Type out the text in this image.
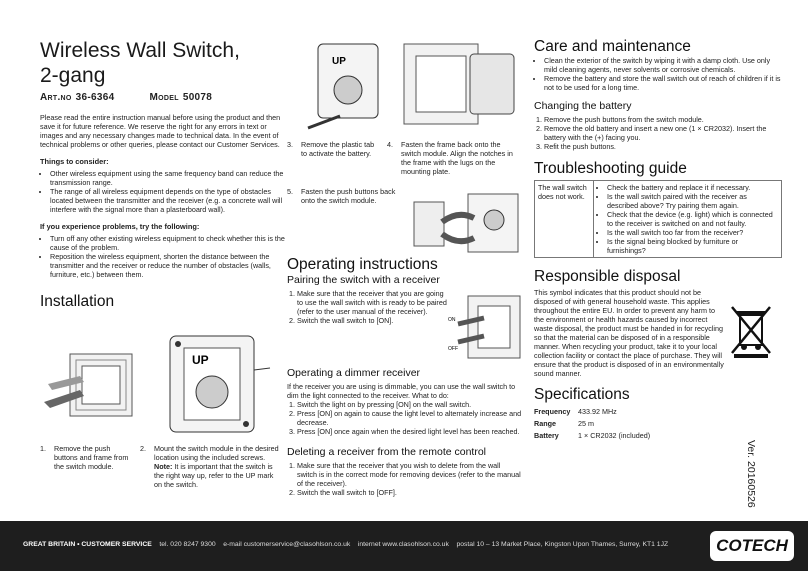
Wireless Wall Switch,
2-gang
Art.no 36-6364	Model 50078

Please read the entire instruction manual before using the product and then save it for future reference. We reserve the right for any errors in text or images and any necessary changes made to technical data. In the event of technical problems or other queries, please contact our Customer Services.

Things to consider:
• Other wireless equipment using the same frequency band can reduce the transmission range.
• The range of all wireless equipment depends on the type of obstacles located between the transmitter and the receiver (e.g. a concrete wall will interfere with the signal more than a plasterboard wall).
If you experience problems, try the following:
• Turn off any other existing wireless equipment to check whether this is the cause of the problem.
• Reposition the wireless equipment, shorten the distance between the transmitter and the receiver or reduce the number of obstacles (walls, furniture, etc.) between them.
Installation
UP
1. Remove the push buttons and frame from the switch module.
2. Mount the switch module in the desired location using the included screws. Note: It is important that the switch is the right way up, refer to the UP mark on the switch.
UP
3. Remove the plastic tab to activate the battery.
4. Fasten the frame back onto the switch module. Align the notches in the frame with the lugs on the mounting plate.
5. Fasten the push buttons back onto the switch module.
Operating instructions
Pairing the switch with a receiver
1. Make sure that the receiver that you are going to use the wall switch with is ready to be paired (refer to the user manual of the receiver).
2. Switch the wall switch to [ON].	ON
OFF
Operating a dimmer receiver

If the receiver you are using is dimmable, you can use the wall switch to dim the light connected to the receiver. What to do:

1. Switch the light on by pressing [ON] on the wall switch.
2. Press [ON] on again to cause the light level to alternately increase and decrease.
3. Press [ON] once again when the desired light level has been reached.
Deleting a receiver from the remote control
1. Make sure that the receiver that you wish to delete from the wall switch is in the correct mode for removing devices (refer to the manual of the receiver).
2. Switch the wall switch to [OFF].
Care and maintenance
• Clean the exterior of the switch by wiping it with a damp cloth. Use only mild cleaning agents, never solvents or corrosive chemicals.
• Remove the battery and store the wall switch out of reach of children if it is not to be used for a long time.
Changing the battery
1. Remove the push buttons from the switch module.
2. Remove the old battery and insert a new one (1 × CR2032). Insert the battery with the (+) facing you.
3. Refit the push buttons.
Troubleshooting guide
The wall switch does not work.	
• Check the battery and replace it if necessary.
• Is the wall switch paired with the receiver as described above? Try pairing them again.
• Check that the device (e.g. light) which is connected to the receiver is switched on and not faulty.
• Is the wall switch too far from the receiver?
• Is the signal being blocked by furniture or furnishings?
Responsible disposal

This symbol indicates that this product should not be disposed of with general household waste. This applies throughout the entire EU. In order to prevent any harm to the environment or health hazards caused by incorrect waste disposal, the product must be handed in for recycling so that the material can be disposed of in a responsible manner. When recycling your product, take it to your local collection facility or contact the place of purchase. They will ensure that the product is disposed of in an environmentally sound manner.

Specifications
Frequency 433.92 MHz
Range	25 m
Battery	1 × CR2032 (included)
Ver. 20160526
GREAT BRITAIN • CUSTOMER SERVICE tel. 020 8247 9300 e-mail customerservice@clasohlson.co.uk internet www.clasohlson.co.uk postal 10 – 13 Market Place, Kingston Upon Thames, Surrey, KT1 1JZ	COTECH
